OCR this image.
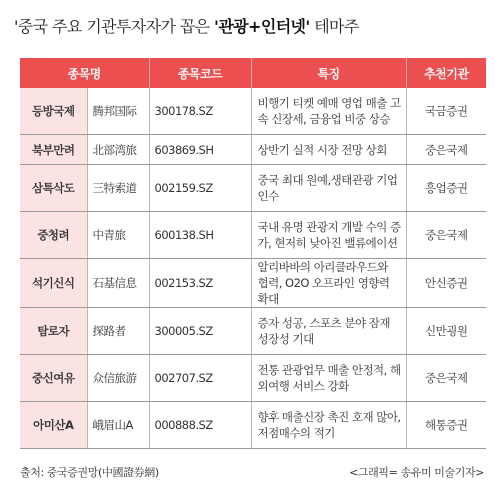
'중국 주요 기관투자자가 꼽은 '관광+인터넷' 테마주
종목명		종목코드	특징	추천기관
등방국제	腾邦国际	300178.SZ	비행기 티켓 예매 영업 매출 고속 신장세, 금융업 비중 상승	국금증권
북부만려	北部湾旅	603869.SH	상반기 실적 시장 전망 상회	중은국제
삼특삭도	三特索道	002159.SZ	중국 최대 원예,생태관광 기업 인수	흥업증권
중청려	中青旅	600138.SH	국내 유명 관광지 개발 수익 증가, 현저히 낮아진 밸류에이션	중은국제
석기신식	石基信息	002153.SZ	알리바바의 아리클라우드와 협력, O2O 오프라인 영향력 확대	안신증권
탐로자	探路者	300005.SZ	증자 성공, 스포츠 분야 잠재 성장성 기대	신만굉원
중신여유	众信旅游	002707.SZ	전통 관광업무 매출 안정적, 해외여행 서비스 강화	중은국제
아미산A	峨眉山A	000888.SZ	향후 매출신장 촉진 호재 많아, 저점매수의 적기	해통증권
출처: 중국증권망(中國證券網)	<그래픽= 송유미 미술기자>
